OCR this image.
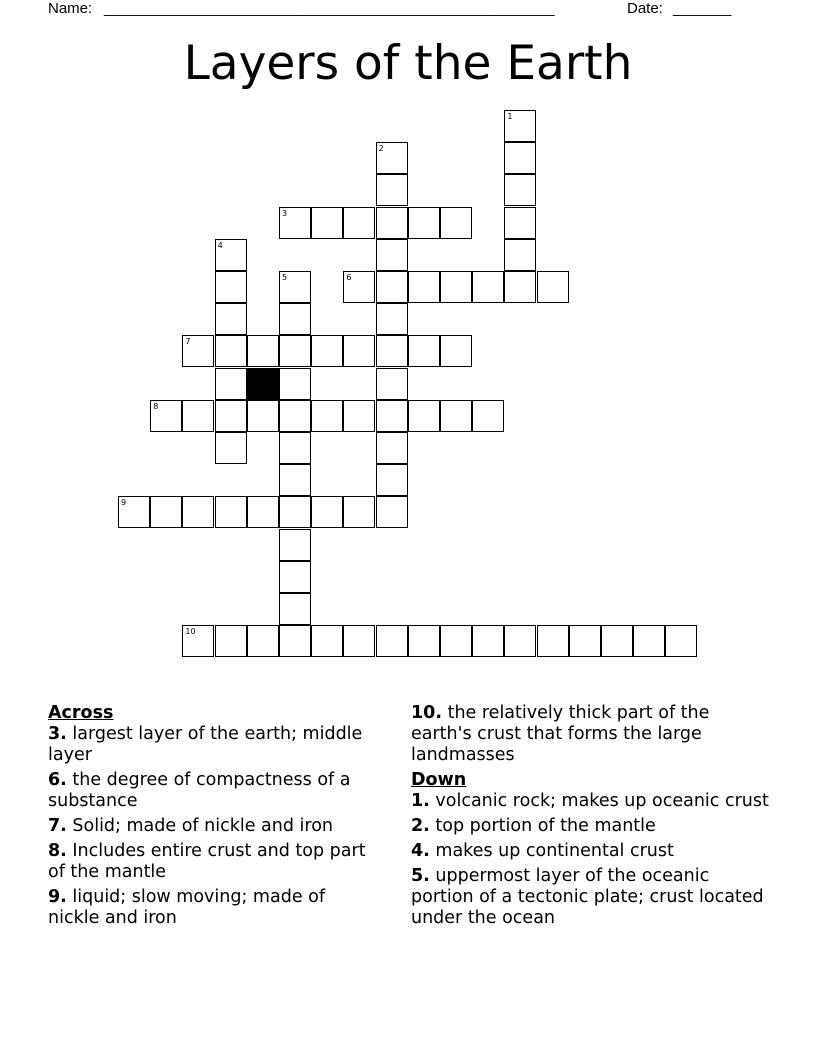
Name: ______________________________________________________	Date: _______
Layers of the Earth
3
6
7
8
9
10
1
2
4
5
Across
3. largest layer of the earth; middle layer
6. the degree of compactness of a substance
7. Solid; made of nickle and iron
8. Includes entire crust and top part of the mantle
9. liquid; slow moving; made of nickle and iron
10. the relatively thick part of the earth's crust that forms the large landmasses
Down
1. volcanic rock; makes up oceanic crust
2. top portion of the mantle
4. makes up continental crust
5. uppermost layer of the oceanic portion of a tectonic plate; crust located under the ocean
